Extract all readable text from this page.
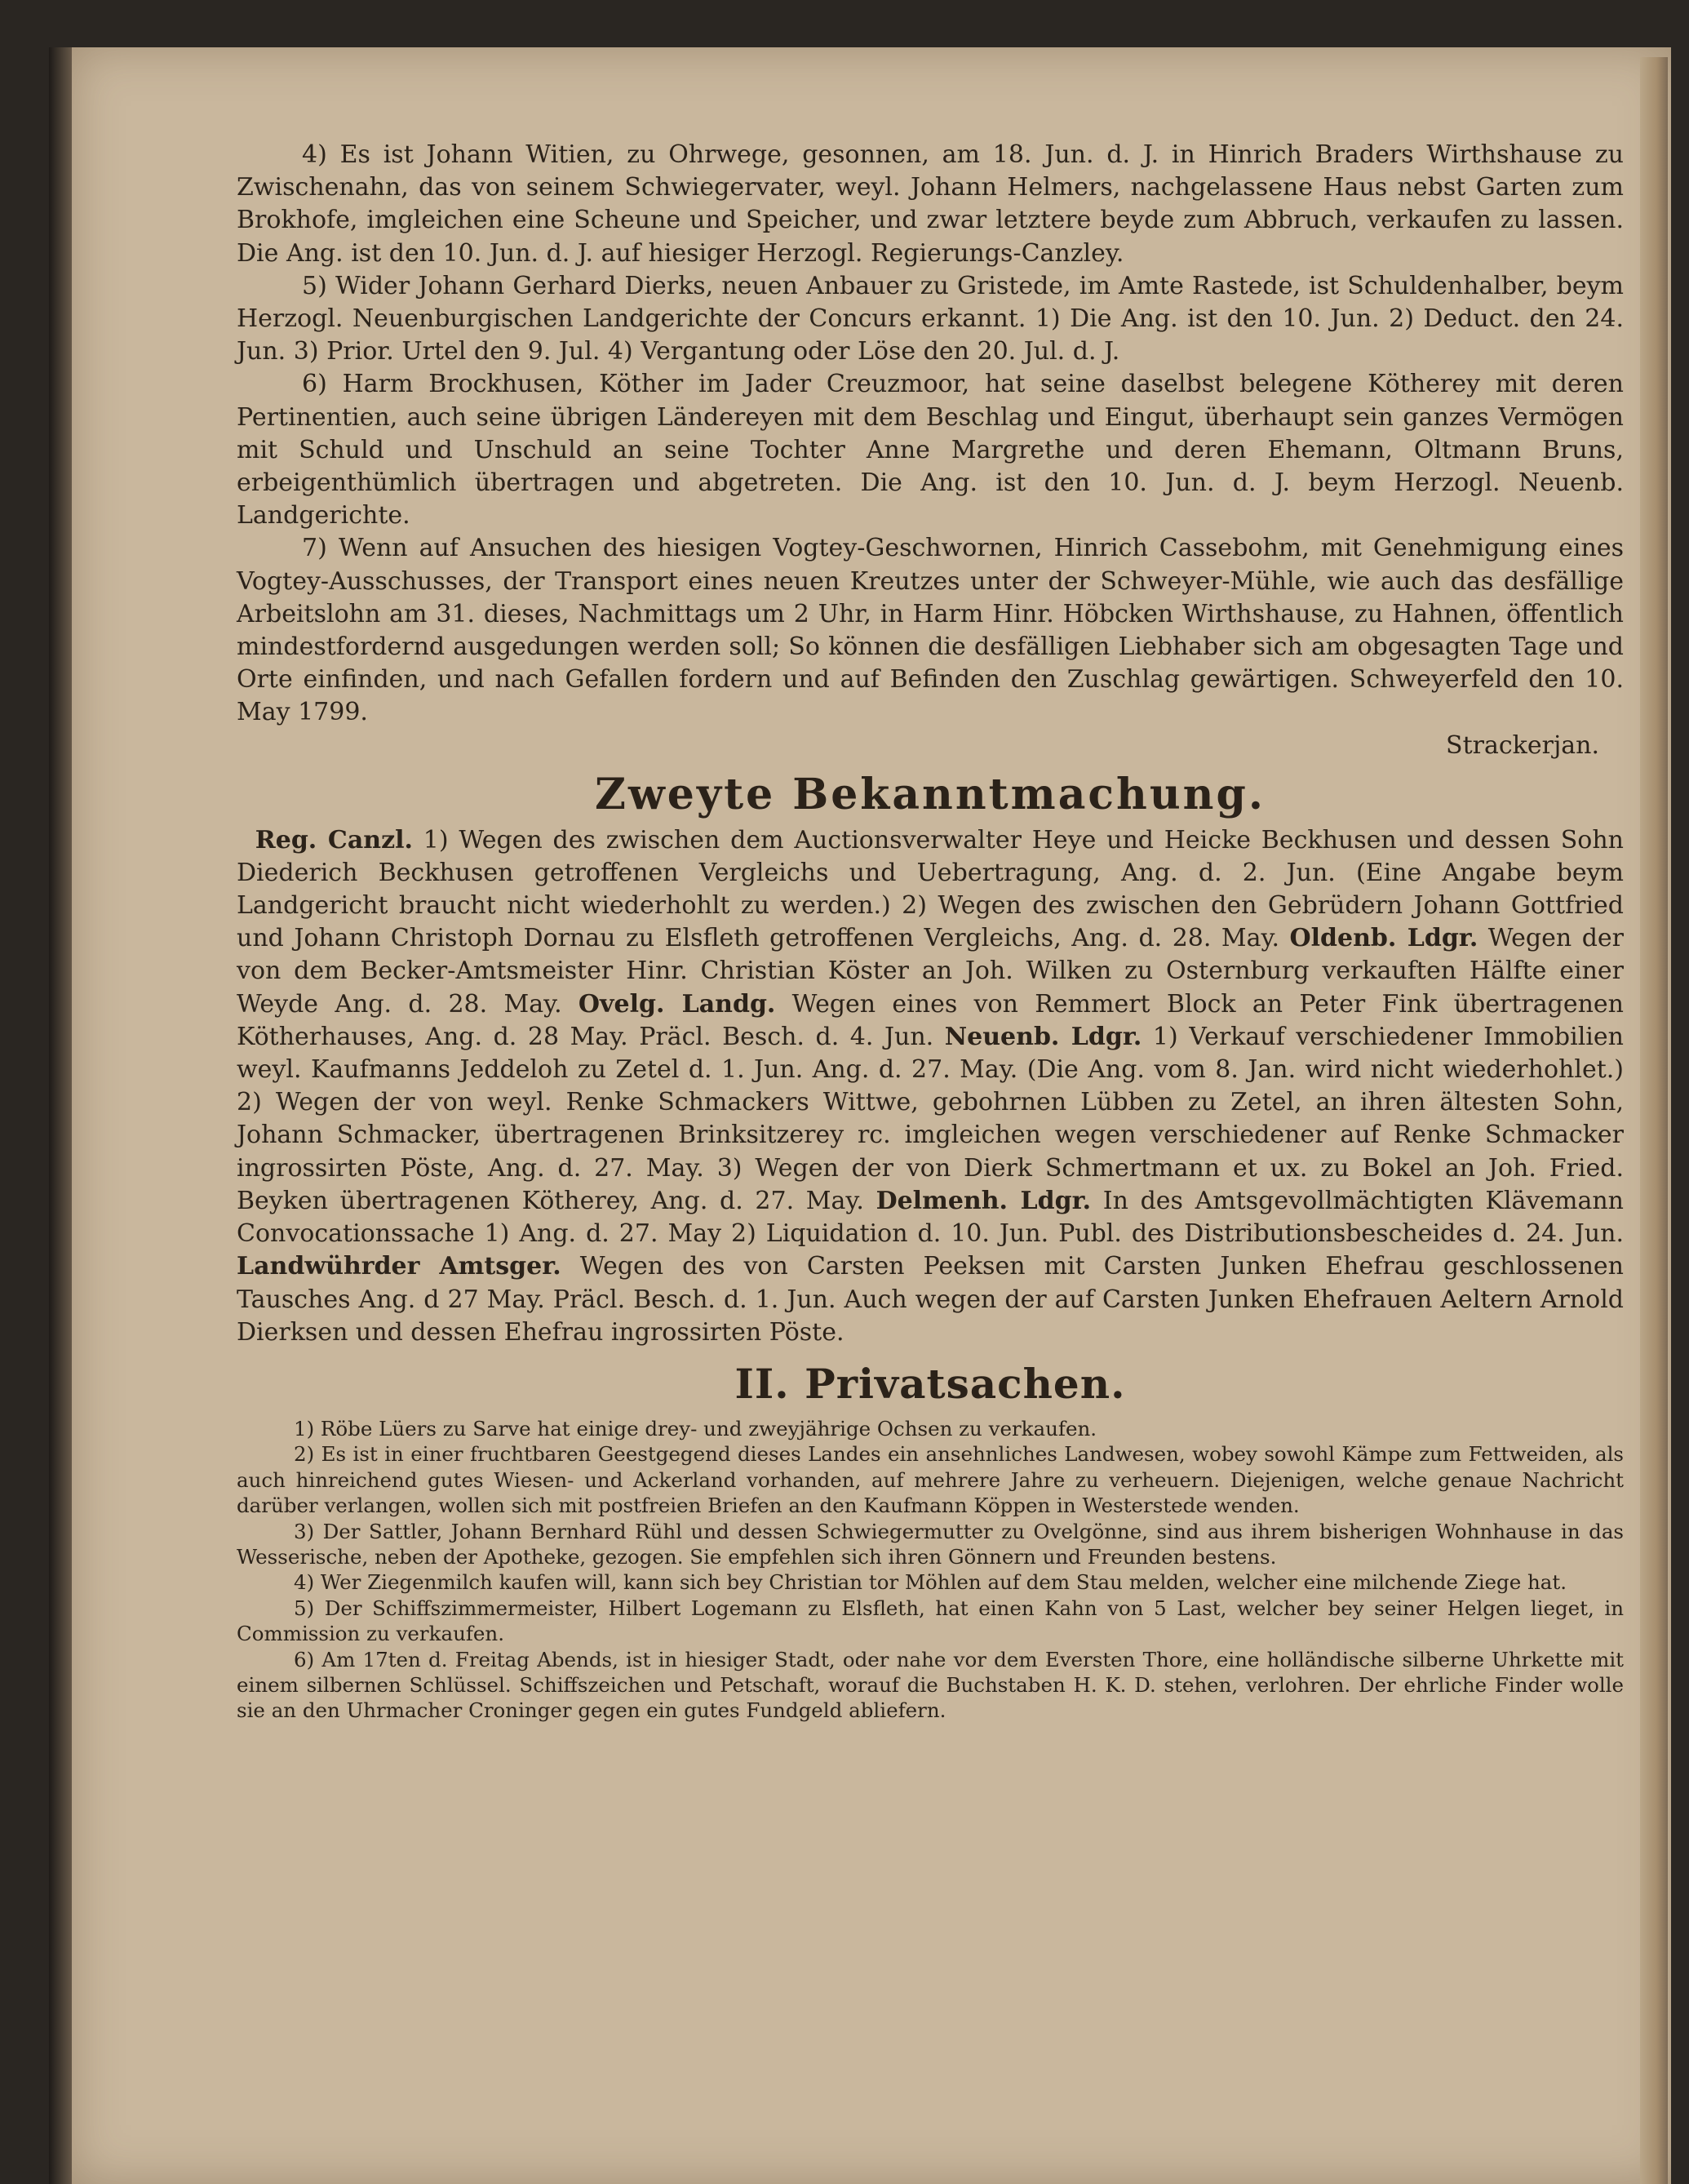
4) Es ist Johann Witien, zu Ohrwege, gesonnen, am 18. Jun. d. J. in Hinrich Braders Wirthshause zu Zwischenahn, das von seinem Schwiegervater, weyl. Johann Helmers, nachgelassene Haus nebst Garten zum Brokhofe, imgleichen eine Scheune und Speicher, und zwar letztere beyde zum Abbruch, verkaufen zu lassen. Die Ang. ist den 10. Jun. d. J. auf hiesiger Herzogl. Regierungs-Canzley.

5) Wider Johann Gerhard Dierks, neuen Anbauer zu Gristede, im Amte Rastede, ist Schuldenhalber, beym Herzogl. Neuenburgischen Landgerichte der Concurs erkannt. 1) Die Ang. ist den 10. Jun. 2) Deduct. den 24. Jun. 3) Prior. Urtel den 9. Jul. 4) Vergantung oder Löse den 20. Jul. d. J.

6) Harm Brockhusen, Köther im Jader Creuzmoor, hat seine daselbst belegene Kötherey mit deren Pertinentien, auch seine übrigen Ländereyen mit dem Beschlag und Eingut, überhaupt sein ganzes Vermögen mit Schuld und Unschuld an seine Tochter Anne Margrethe und deren Ehemann, Oltmann Bruns, erbeigenthümlich übertragen und abgetreten. Die Ang. ist den 10. Jun. d. J. beym Herzogl. Neuenb. Landgerichte.

7) Wenn auf Ansuchen des hiesigen Vogtey-Geschwornen, Hinrich Cassebohm, mit Genehmigung eines Vogtey-Ausschusses, der Transport eines neuen Kreutzes unter der Schweyer-Mühle, wie auch das desfällige Arbeitslohn am 31. dieses, Nachmittags um 2 Uhr, in Harm Hinr. Höbcken Wirthshause, zu Hahnen, öffentlich mindestfordernd ausgedungen werden soll; So können die desfälligen Liebhaber sich am obgesagten Tage und Orte einfinden, und nach Gefallen fordern und auf Befinden den Zuschlag gewärtigen. Schweyerfeld den 10. May 1799.

Strackerjan.

Zweyte Bekanntmachung.

Reg. Canzl. 1) Wegen des zwischen dem Auctionsverwalter Heye und Heicke Beckhusen und dessen Sohn Diederich Beckhusen getroffenen Vergleichs und Uebertragung, Ang. d. 2. Jun. (Eine Angabe beym Landgericht braucht nicht wiederhohlt zu werden.) 2) Wegen des zwischen den Gebrüdern Johann Gottfried und Johann Christoph Dornau zu Elsfleth getroffenen Vergleichs, Ang. d. 28. May. Oldenb. Ldgr. Wegen der von dem Becker-Amtsmeister Hinr. Christian Köster an Joh. Wilken zu Osternburg verkauften Hälfte einer Weyde Ang. d. 28. May. Ovelg. Landg. Wegen eines von Remmert Block an Peter Fink übertragenen Kötherhauses, Ang. d. 28 May. Präcl. Besch. d. 4. Jun. Neuenb. Ldgr. 1) Verkauf verschiedener Immobilien weyl. Kaufmanns Jeddeloh zu Zetel d. 1. Jun. Ang. d. 27. May. (Die Ang. vom 8. Jan. wird nicht wiederhohlet.) 2) Wegen der von weyl. Renke Schmackers Wittwe, gebohrnen Lübben zu Zetel, an ihren ältesten Sohn, Johann Schmacker, übertragenen Brinksitzerey rc. imgleichen wegen verschiedener auf Renke Schmacker ingrossirten Pöste, Ang. d. 27. May. 3) Wegen der von Dierk Schmertmann et ux. zu Bokel an Joh. Fried. Beyken übertragenen Kötherey, Ang. d. 27. May. Delmenh. Ldgr. In des Amtsgevollmächtigten Klävemann Convocationssache 1) Ang. d. 27. May 2) Liquidation d. 10. Jun. Publ. des Distributionsbescheides d. 24. Jun. Landwührder Amtsger. Wegen des von Carsten Peeksen mit Carsten Junken Ehefrau geschlossenen Tausches Ang. d 27 May. Präcl. Besch. d. 1. Jun. Auch wegen der auf Carsten Junken Ehefrauen Aeltern Arnold Dierksen und dessen Ehefrau ingrossirten Pöste.

II. Privatsachen.

1) Röbe Lüers zu Sarve hat einige drey- und zweyjährige Ochsen zu verkaufen.

2) Es ist in einer fruchtbaren Geestgegend dieses Landes ein ansehnliches Landwesen, wobey sowohl Kämpe zum Fettweiden, als auch hinreichend gutes Wiesen- und Ackerland vorhanden, auf mehrere Jahre zu verheuern. Diejenigen, welche genaue Nachricht darüber verlangen, wollen sich mit postfreien Briefen an den Kaufmann Köppen in Westerstede wenden.

3) Der Sattler, Johann Bernhard Rühl und dessen Schwiegermutter zu Ovelgönne, sind aus ihrem bisherigen Wohnhause in das Wesserische, neben der Apotheke, gezogen. Sie empfehlen sich ihren Gönnern und Freunden bestens.

4) Wer Ziegenmilch kaufen will, kann sich bey Christian tor Möhlen auf dem Stau melden, welcher eine milchende Ziege hat.

5) Der Schiffszimmermeister, Hilbert Logemann zu Elsfleth, hat einen Kahn von 5 Last, welcher bey seiner Helgen lieget, in Commission zu verkaufen.

6) Am 17ten d. Freitag Abends, ist in hiesiger Stadt, oder nahe vor dem Eversten Thore, eine holländische silberne Uhrkette mit einem silbernen Schlüssel. Schiffszeichen und Petschaft, worauf die Buchstaben H. K. D. stehen, verlohren. Der ehrliche Finder wolle sie an den Uhrmacher Croninger gegen ein gutes Fundgeld abliefern.
